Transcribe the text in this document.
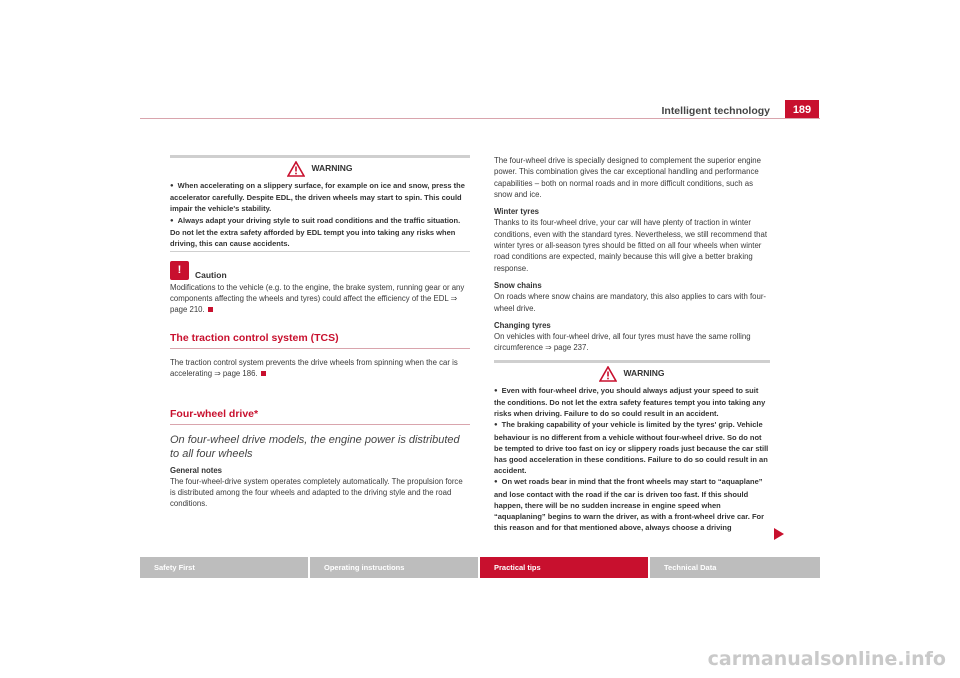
Intelligent technology	189
WARNING
● When accelerating on a slippery surface, for example on ice and snow, press the accelerator carefully. Despite EDL, the driven wheels may start to spin. This could impair the vehicle's stability.
● Always adapt your driving style to suit road conditions and the traffic situation. Do not let the extra safety afforded by EDL tempt you into taking any risks when driving, this can cause accidents.
!	Caution

Modifications to the vehicle (e.g. to the engine, the brake system, running gear or any components affecting the wheels and tyres) could affect the efficiency of the EDL ⇒ page 210.

The traction control system (TCS)

The traction control system prevents the drive wheels from spinning when the car is accelerating ⇒ page 186.

Four-wheel drive*
On four-wheel drive models, the engine power is distributed to all four wheels
General notes

The four-wheel-drive system operates completely automatically. The propulsion force is distributed among the four wheels and adapted to the driving style and the road conditions.

The four-wheel drive is specially designed to complement the superior engine power. This combination gives the car exceptional handling and performance capabilities – both on normal roads and in more difficult conditions, such as snow and ice.

Winter tyres

Thanks to its four-wheel drive, your car will have plenty of traction in winter conditions, even with the standard tyres. Nevertheless, we still recommend that winter tyres or all-season tyres should be fitted on all four wheels when winter road conditions are expected, mainly because this will give a better braking response.

Snow chains

On roads where snow chains are mandatory, this also applies to cars with four-wheel drive.

Changing tyres

On vehicles with four-wheel drive, all four tyres must have the same rolling circumference ⇒ page 237.

WARNING
● Even with four-wheel drive, you should always adjust your speed to suit the conditions. Do not let the extra safety features tempt you into taking any risks when driving. Failure to do so could result in an accident.
● The braking capability of your vehicle is limited by the tyres' grip. Vehicle behaviour is no different from a vehicle without four-wheel drive. So do not be tempted to drive too fast on icy or slippery roads just because the car still has good acceleration in these conditions. Failure to do so could result in an accident.
● On wet roads bear in mind that the front wheels may start to “aquaplane” and lose contact with the road if the car is driven too fast. If this should happen, there will be no sudden increase in engine speed when “aquaplaning” begins to warn the driver, as with a front-wheel drive car. For this reason and for that mentioned above, always choose a driving
Safety First	Operating instructions	Practical tips	Technical Data
carmanualsonline.info
